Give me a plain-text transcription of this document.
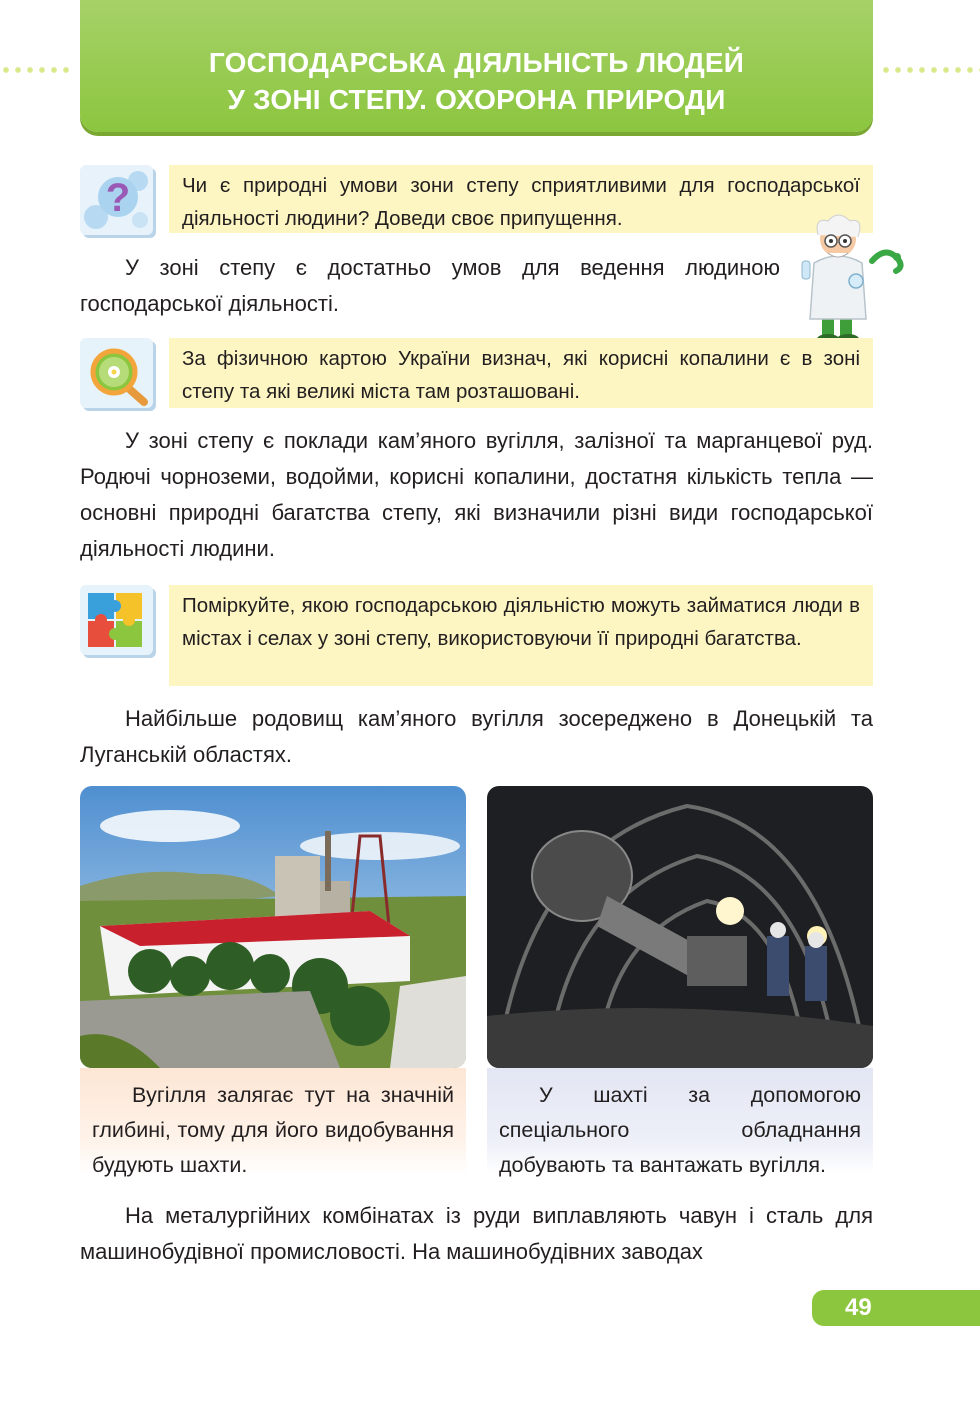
ГОСПОДАРСЬКА ДІЯЛЬНІСТЬ ЛЮДЕЙ
У ЗОНІ СТЕПУ. ОХОРОНА ПРИРОДИ
?	Чи є природні умови зони степу сприятливими для господарської діяльності людини? Доведи своє припущення.

У зоні степу є достатньо умов для ведення людиною господарської діяльності.

За фізичною картою України визнач, які корисні копалини є в зоні степу та які великі міста там розташовані.

У зоні степу є поклади кам’яного вугілля, залізної та марганцевої руд. Родючі чорноземи, водойми, корисні копалини, достатня кількість тепла — основні природні багатства степу, які визначили різні види господарської діяльності людини.

Поміркуйте, якою господарською діяльністю можуть займатися люди в містах і селах у зоні степу, використовуючи її природні багатства.

Найбільше родовищ кам’яного вугілля зосереджено в Донецькій та Луганській областях.

Вугілля залягає тут на значній глибині, тому для його видобування будують шахти.

У шахті за допомогою спеціального обладнання добувають та вантажать вугілля.

На металургійних комбінатах із руди виплавляють чавун і сталь для машинобудівної промисловості. На машинобудівних заводах

49
